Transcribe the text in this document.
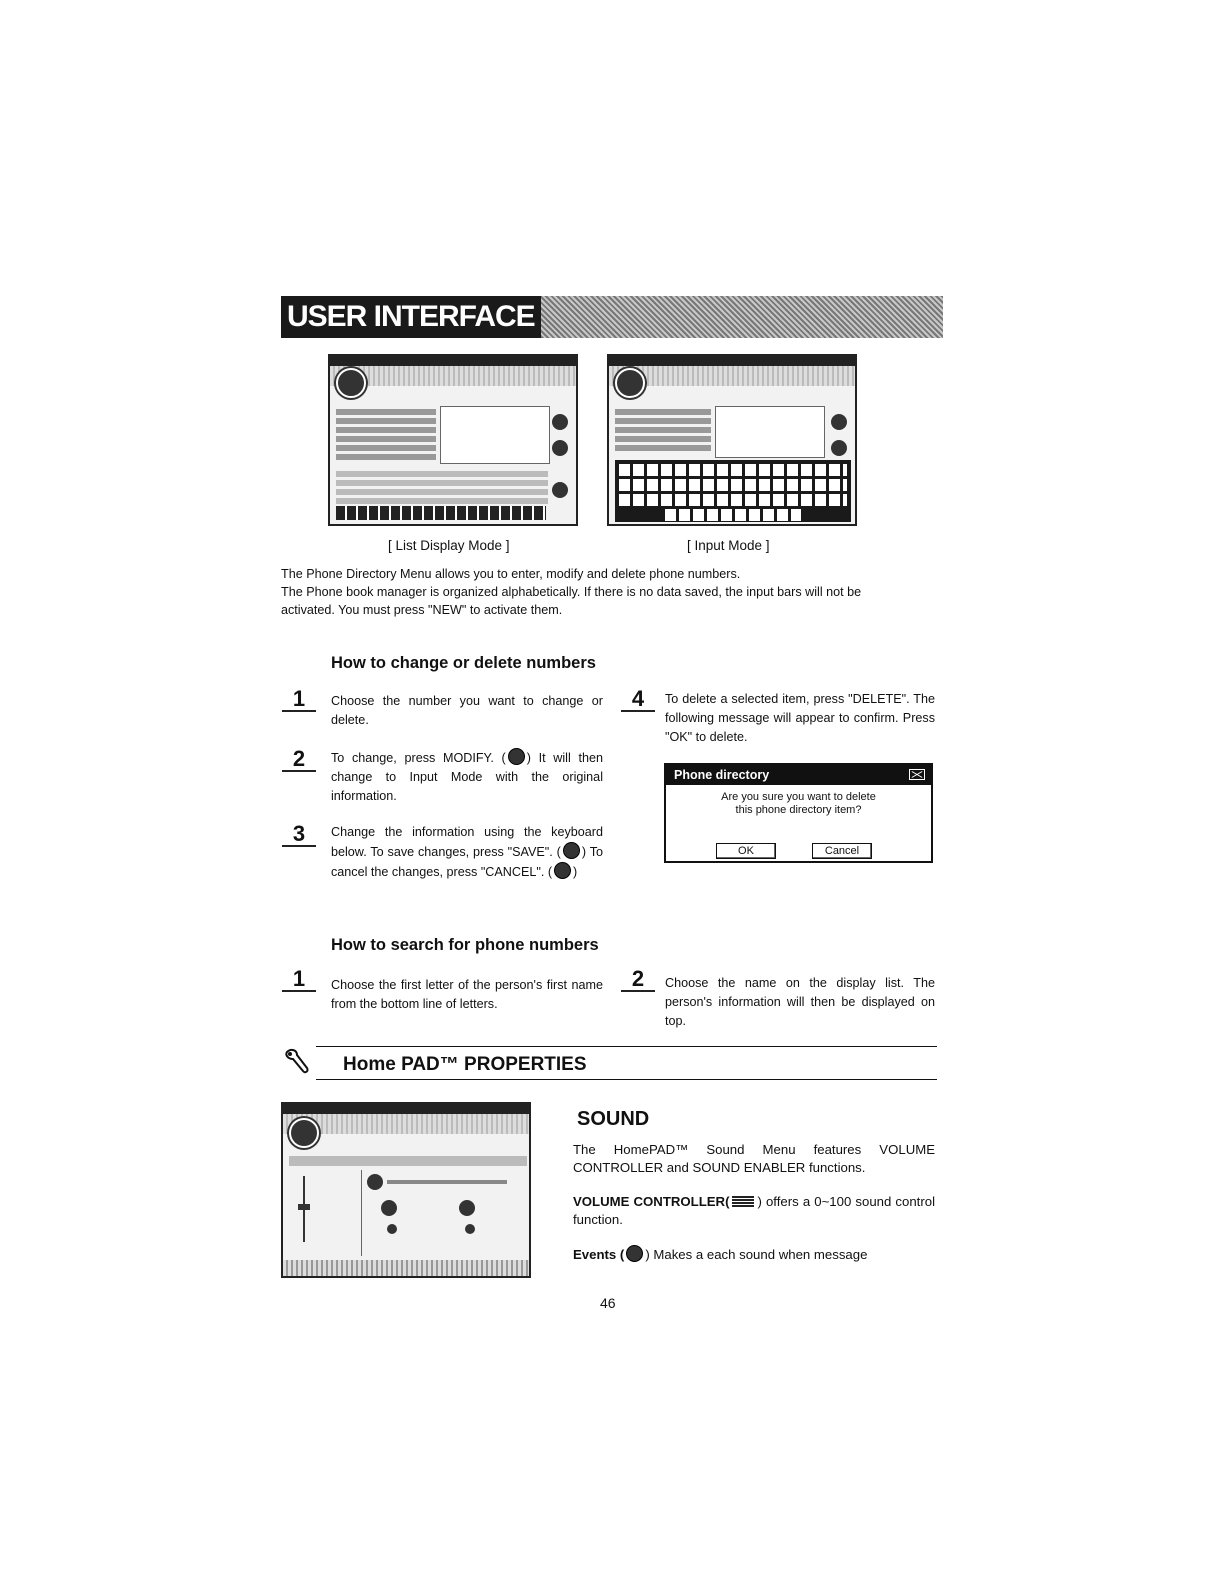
USER INTERFACE
[ List Display Mode ]	[ Input Mode ]
The Phone Directory Menu allows you to enter, modify and delete phone numbers.
The Phone book manager is organized alphabetically. If there is no data saved, the input bars will not be
activated. You must press "NEW" to activate them.
How to change or delete numbers
1	Choose the number you want to change or delete.
2	To change, press MODIFY. ( ) It will then change to Input Mode with the original information.
3	Change the information using the keyboard below. To save changes, press "SAVE". ( ) To cancel the changes, press "CANCEL". ( )
4	To delete a selected item, press "DELETE". The following message will appear to confirm. Press "OK" to delete.
Phone directory
Are you sure you want to delete
this phone directory item?
OK	Cancel
How to search for phone numbers
1	Choose the first letter of the person's first name from the bottom line of letters.
2	Choose the name on the display list. The person's information will then be displayed on top.
Home PAD™ PROPERTIES
SOUND
The HomePAD™ Sound Menu features VOLUME CONTROLLER and SOUND ENABLER functions.
VOLUME CONTROLLER( ) offers a 0~100 sound control function.
Events ( ) Makes a each sound when message
46
